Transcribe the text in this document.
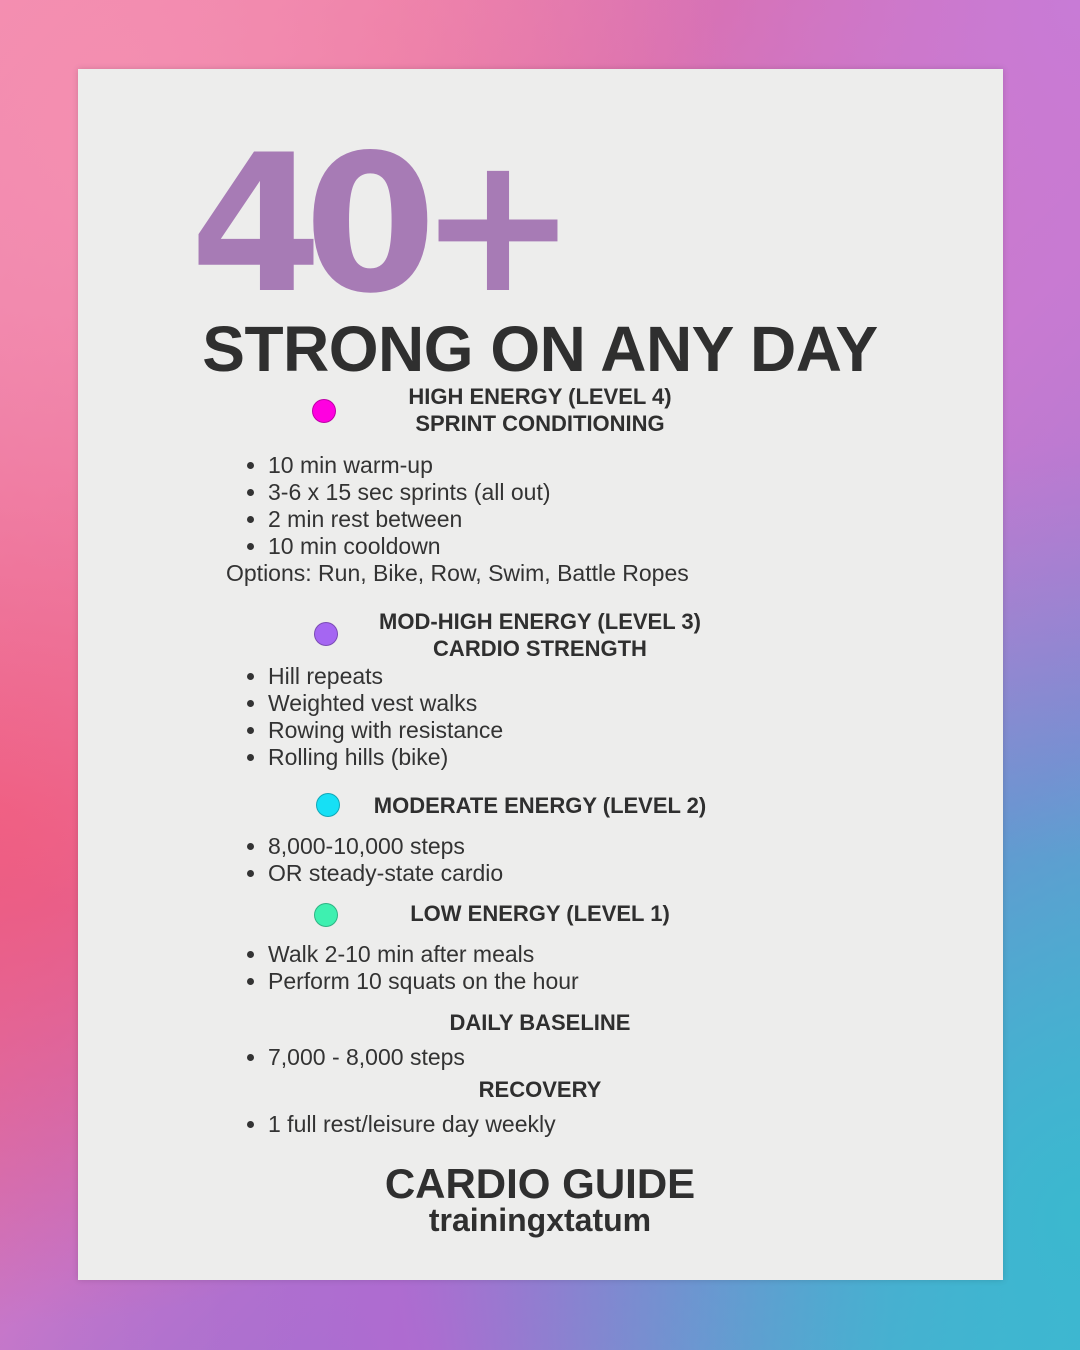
40+
STRONG ON ANY DAY
HIGH ENERGY (LEVEL 4)
SPRINT CONDITIONING
• 10 min warm-up
• 3-6 x 15 sec sprints (all out)
• 2 min rest between
• 10 min cooldown
Options: Run, Bike, Row, Swim, Battle Ropes
MOD-HIGH ENERGY (LEVEL 3)
CARDIO STRENGTH
• Hill repeats
• Weighted vest walks
• Rowing with resistance
• Rolling hills (bike)
MODERATE ENERGY (LEVEL 2)
• 8,000-10,000 steps
• OR steady-state cardio
LOW ENERGY (LEVEL 1)
• Walk 2-10 min after meals
• Perform 10 squats on the hour
DAILY BASELINE
• 7,000 - 8,000 steps
RECOVERY
• 1 full rest/leisure day weekly
CARDIO GUIDE
trainingxtatum
